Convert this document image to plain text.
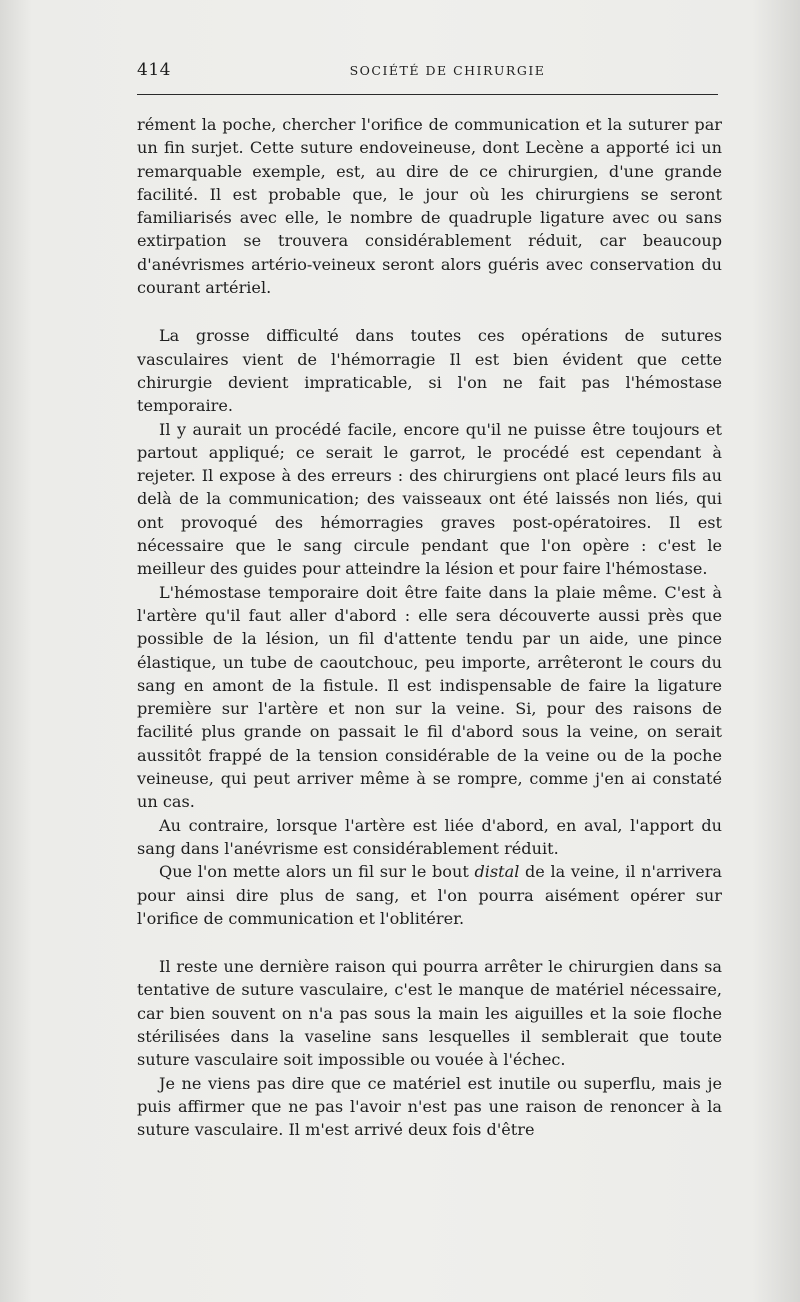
414	SOCIÉTÉ DE CHIRURGIE

rément la poche, chercher l'orifice de communication et la suturer par un fin surjet. Cette suture endoveineuse, dont Lecène a apporté ici un remarquable exemple, est, au dire de ce chirurgien, d'une grande facilité. Il est probable que, le jour où les chirurgiens se seront familiarisés avec elle, le nombre de quadruple ligature avec ou sans extirpation se trouvera considérablement réduit, car beaucoup d'anévrismes artério-veineux seront alors guéris avec conservation du courant artériel.

La grosse difficulté dans toutes ces opérations de sutures vasculaires vient de l'hémorragie Il est bien évident que cette chirurgie devient impraticable, si l'on ne fait pas l'hémostase temporaire.

Il y aurait un procédé facile, encore qu'il ne puisse être toujours et partout appliqué; ce serait le garrot, le procédé est cependant à rejeter. Il expose à des erreurs : des chirurgiens ont placé leurs fils au delà de la communication; des vaisseaux ont été laissés non liés, qui ont provoqué des hémorragies graves post-opératoires. Il est nécessaire que le sang circule pendant que l'on opère : c'est le meilleur des guides pour atteindre la lésion et pour faire l'hémostase.

L'hémostase temporaire doit être faite dans la plaie même. C'est à l'artère qu'il faut aller d'abord : elle sera découverte aussi près que possible de la lésion, un fil d'attente tendu par un aide, une pince élastique, un tube de caoutchouc, peu importe, arrêteront le cours du sang en amont de la fistule. Il est indispensable de faire la ligature première sur l'artère et non sur la veine. Si, pour des raisons de facilité plus grande on passait le fil d'abord sous la veine, on serait aussitôt frappé de la tension considérable de la veine ou de la poche veineuse, qui peut arriver même à se rompre, comme j'en ai constaté un cas.

Au contraire, lorsque l'artère est liée d'abord, en aval, l'apport du sang dans l'anévrisme est considérablement réduit.

Que l'on mette alors un fil sur le bout distal de la veine, il n'arrivera pour ainsi dire plus de sang, et l'on pourra aisément opérer sur l'orifice de communication et l'oblitérer.

Il reste une dernière raison qui pourra arrêter le chirurgien dans sa tentative de suture vasculaire, c'est le manque de matériel nécessaire, car bien souvent on n'a pas sous la main les aiguilles et la soie floche stérilisées dans la vaseline sans lesquelles il semblerait que toute suture vasculaire soit impossible ou vouée à l'échec.

Je ne viens pas dire que ce matériel est inutile ou superflu, mais je puis affirmer que ne pas l'avoir n'est pas une raison de renoncer à la suture vasculaire. Il m'est arrivé deux fois d'être
